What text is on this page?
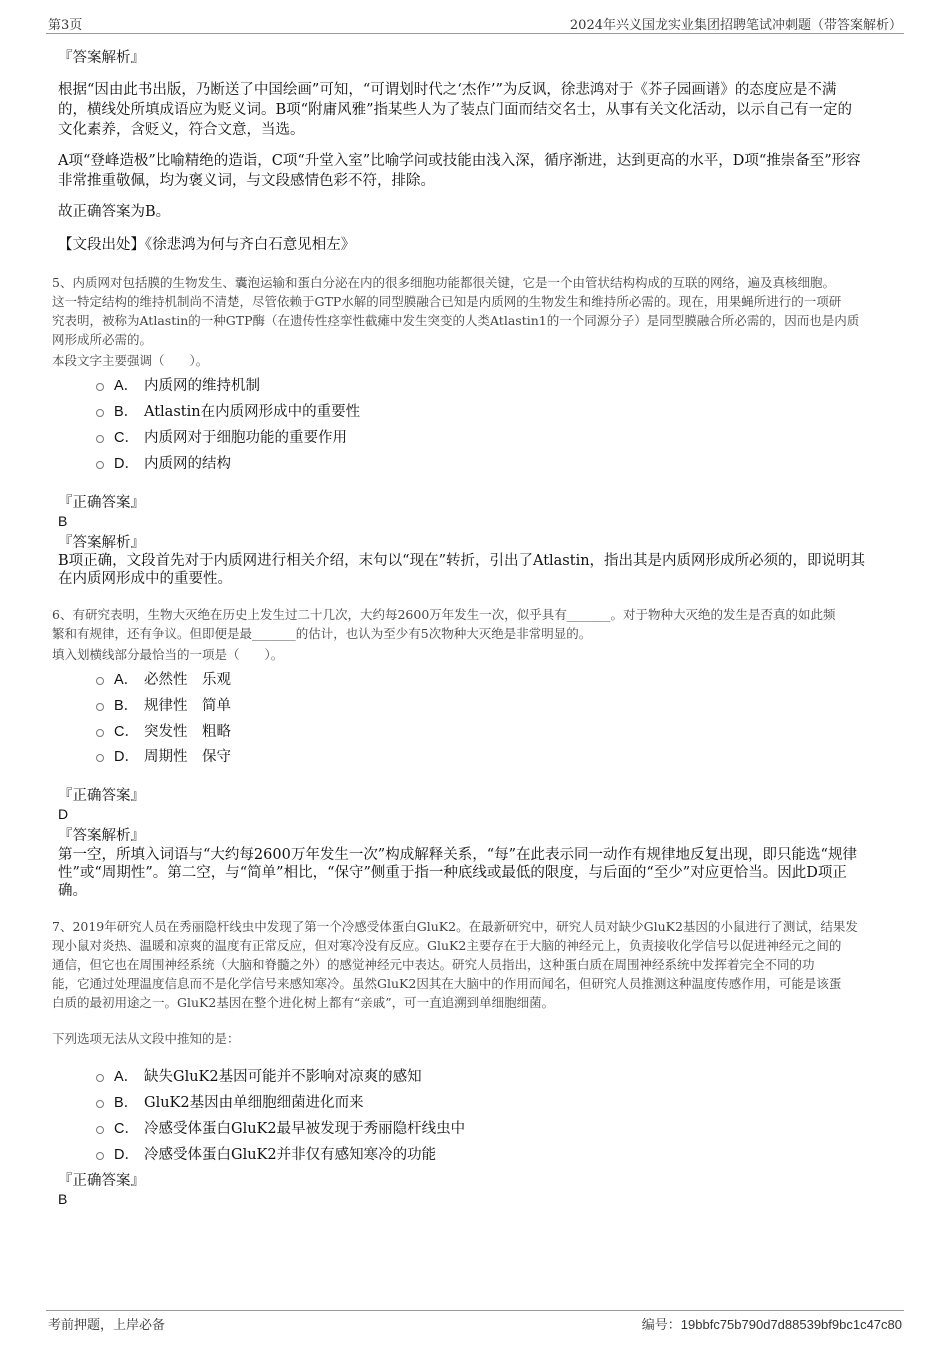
第3页	2024年兴义国龙实业集团招聘笔试冲刺题（带答案解析）
『答案解析』
根据“因由此书出版，乃断送了中国绘画”可知，“可谓划时代之‘杰作’”为反讽，徐悲鸿对于《芥子园画谱》的态度应是不满
的，横线处所填成语应为贬义词。B项“附庸风雅”指某些人为了装点门面而结交名士，从事有关文化活动，以示自己有一定的
文化素养，含贬义，符合文意，当选。
A项“登峰造极”比喻精绝的造诣，C项“升堂入室”比喻学问或技能由浅入深，循序渐进，达到更高的水平，D项“推崇备至”形容
非常推重敬佩，均为褒义词，与文段感情色彩不符，排除。
故正确答案为B。
【文段出处】《徐悲鸿为何与齐白石意见相左》
5、内质网对包括膜的生物发生、囊泡运输和蛋白分泌在内的很多细胞功能都很关键，它是一个由管状结构构成的互联的网络，遍及真核细胞。
这一特定结构的维持机制尚不清楚，尽管依赖于GTP水解的同型膜融合已知是内质网的生物发生和维持所必需的。现在，用果蝇所进行的一项研
究表明，被称为Atlastin的一种GTP酶（在遗传性痉挛性截瘫中发生突变的人类Atlastin1的一个同源分子）是同型膜融合所必需的，因而也是内质
网形成所必需的。
本段文字主要强调（　　）。
A． 内质网的维持机制
B． Atlastin在内质网形成中的重要性
C． 内质网对于细胞功能的重要作用
D． 内质网的结构
『正确答案』
B
『答案解析』
B项正确，文段首先对于内质网进行相关介绍，末句以“现在”转折，引出了Atlastin，指出其是内质网形成所必须的，即说明其
在内质网形成中的重要性。
6、有研究表明，生物大灭绝在历史上发生过二十几次，大约每2600万年发生一次，似乎具有_______。对于物种大灭绝的发生是否真的如此频
繁和有规律，还有争议。但即便是最_______的估计，也认为至少有5次物种大灭绝是非常明显的。
填入划横线部分最恰当的一项是（　　）。
A． 必然性　乐观
B． 规律性　简单
C． 突发性　粗略
D． 周期性　保守
『正确答案』
D
『答案解析』
第一空，所填入词语与“大约每2600万年发生一次”构成解释关系，“每”在此表示同一动作有规律地反复出现，即只能选“规律
性”或“周期性”。第二空，与“简单”相比，“保守”侧重于指一种底线或最低的限度，与后面的“至少”对应更恰当。因此D项正
确。
7、2019年研究人员在秀丽隐杆线虫中发现了第一个冷感受体蛋白GluK2。在最新研究中，研究人员对缺少GluK2基因的小鼠进行了测试，结果发
现小鼠对炎热、温暖和凉爽的温度有正常反应，但对寒冷没有反应。GluK2主要存在于大脑的神经元上，负责接收化学信号以促进神经元之间的
通信，但它也在周围神经系统（大脑和脊髓之外）的感觉神经元中表达。研究人员指出，这种蛋白质在周围神经系统中发挥着完全不同的功
能，它通过处理温度信息而不是化学信号来感知寒冷。虽然GluK2因其在大脑中的作用而闻名，但研究人员推测这种温度传感作用，可能是该蛋
白质的最初用途之一。GluK2基因在整个进化树上都有“亲戚”，可一直追溯到单细胞细菌。
下列选项无法从文段中推知的是：
A． 缺失GluK2基因可能并不影响对凉爽的感知
B． GluK2基因由单细胞细菌进化而来
C． 冷感受体蛋白GluK2最早被发现于秀丽隐杆线虫中
D． 冷感受体蛋白GluK2并非仅有感知寒冷的功能
『正确答案』
B
考前押题，上岸必备	编号：19bbfc75b790d7d88539bf9bc1c47c80
